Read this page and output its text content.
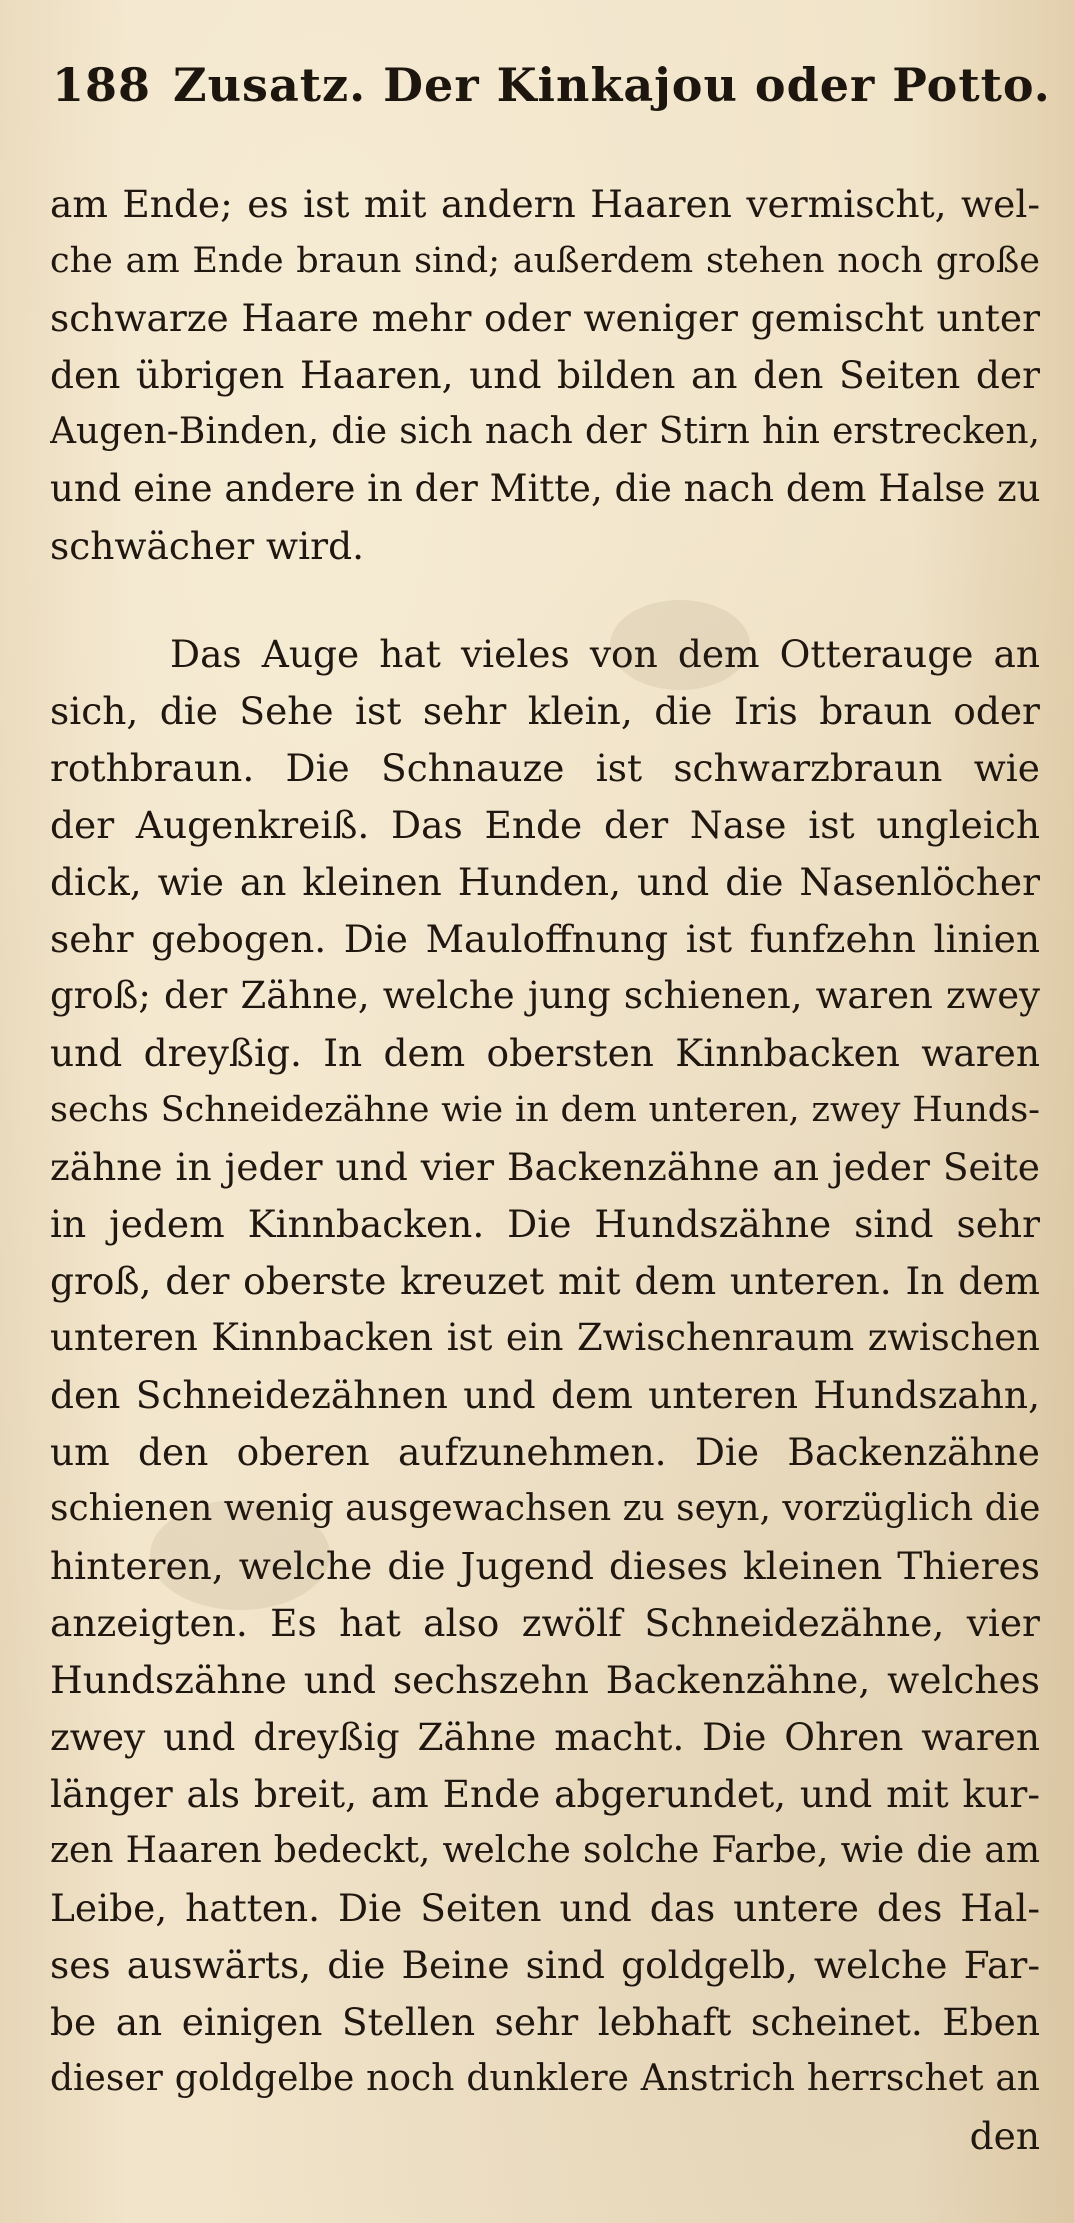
188 Zusatz. Der Kinkajou oder Potto.
am Ende; es ist mit andern Haaren vermischt, wel-
che am Ende braun sind; außerdem stehen noch große
schwarze Haare mehr oder weniger gemischt unter
den übrigen Haaren, und bilden an den Seiten der
Augen-Binden, die sich nach der Stirn hin erstrecken,
und eine andere in der Mitte, die nach dem Halse zu
schwächer wird.
Das Auge hat vieles von dem Otterauge an
sich, die Sehe ist sehr klein, die Iris braun oder
rothbraun. Die Schnauze ist schwarzbraun wie
der Augenkreiß. Das Ende der Nase ist ungleich
dick, wie an kleinen Hunden, und die Nasenlöcher
sehr gebogen. Die Mauloffnung ist funfzehn linien
groß; der Zähne, welche jung schienen, waren zwey
und dreyßig. In dem obersten Kinnbacken waren
sechs Schneidezähne wie in dem unteren, zwey Hunds-
zähne in jeder und vier Backenzähne an jeder Seite
in jedem Kinnbacken. Die Hundszähne sind sehr
groß, der oberste kreuzet mit dem unteren. In dem
unteren Kinnbacken ist ein Zwischenraum zwischen
den Schneidezähnen und dem unteren Hundszahn,
um den oberen aufzunehmen. Die Backenzähne
schienen wenig ausgewachsen zu seyn, vorzüglich die
hinteren, welche die Jugend dieses kleinen Thieres
anzeigten. Es hat also zwölf Schneidezähne, vier
Hundszähne und sechszehn Backenzähne, welches
zwey und dreyßig Zähne macht. Die Ohren waren
länger als breit, am Ende abgerundet, und mit kur-
zen Haaren bedeckt, welche solche Farbe, wie die am
Leibe, hatten. Die Seiten und das untere des Hal-
ses auswärts, die Beine sind goldgelb, welche Far-
be an einigen Stellen sehr lebhaft scheinet. Eben
dieser goldgelbe noch dunklere Anstrich herrschet an
den
